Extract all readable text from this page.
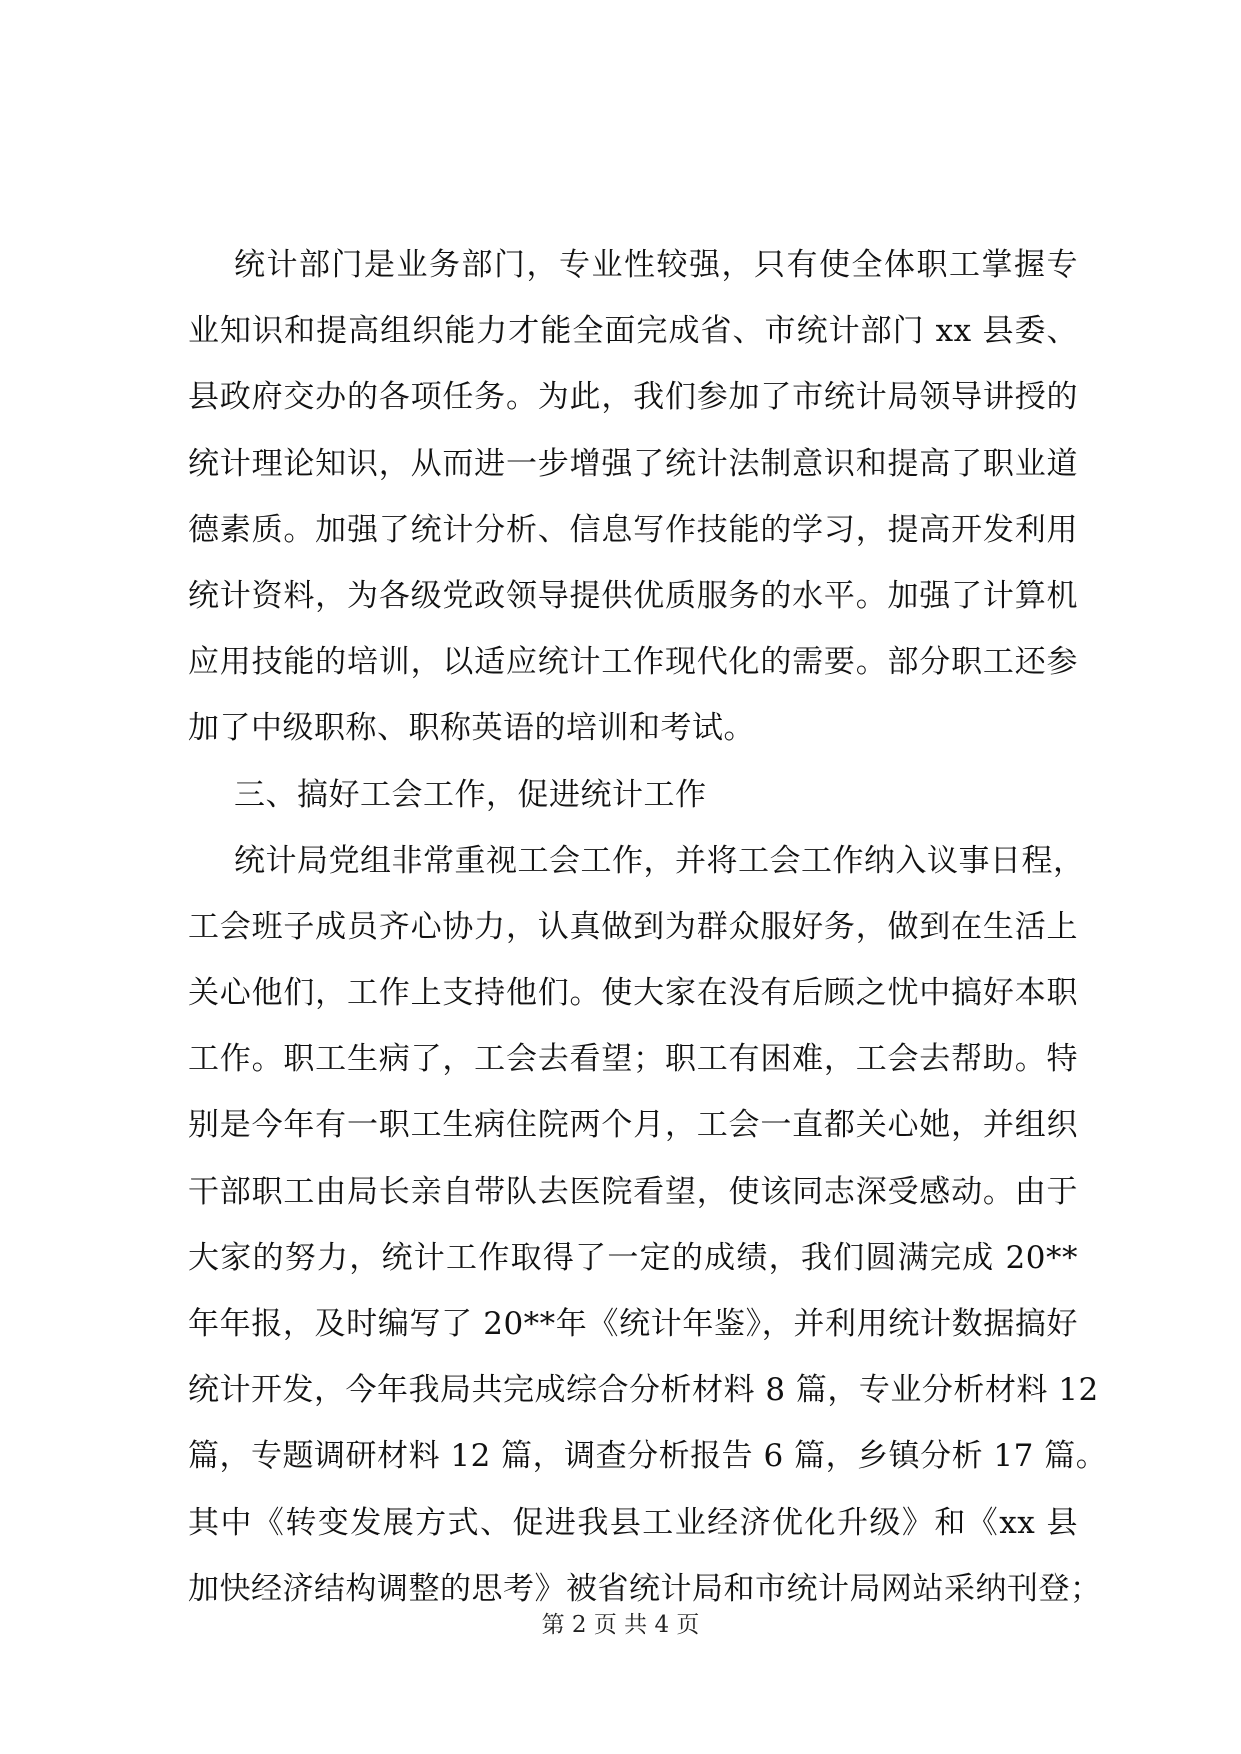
统计部门是业务部门，专业性较强，只有使全体职工掌握专
业知识和提高组织能力才能全面完成省、市统计部门 xx 县委、
县政府交办的各项任务。为此，我们参加了市统计局领导讲授的
统计理论知识，从而进一步增强了统计法制意识和提高了职业道
德素质。加强了统计分析、信息写作技能的学习，提高开发利用
统计资料，为各级党政领导提供优质服务的水平。加强了计算机
应用技能的培训，以适应统计工作现代化的需要。部分职工还参
加了中级职称、职称英语的培训和考试。
三、搞好工会工作，促进统计工作
统计局党组非常重视工会工作，并将工会工作纳入议事日程，
工会班子成员齐心协力，认真做到为群众服好务，做到在生活上
关心他们，工作上支持他们。使大家在没有后顾之忧中搞好本职
工作。职工生病了，工会去看望；职工有困难，工会去帮助。特
别是今年有一职工生病住院两个月，工会一直都关心她，并组织
干部职工由局长亲自带队去医院看望，使该同志深受感动。由于
大家的努力，统计工作取得了一定的成绩，我们圆满完成 20**
年年报，及时编写了 20**年《统计年鉴》，并利用统计数据搞好
统计开发，今年我局共完成综合分析材料 8 篇，专业分析材料 12
篇，专题调研材料 12 篇，调查分析报告 6 篇，乡镇分析 17 篇。
其中《转变发展方式、促进我县工业经济优化升级》和《xx 县
加快经济结构调整的思考》被省统计局和市统计局网站采纳刊登；
第 2 页 共 4 页
